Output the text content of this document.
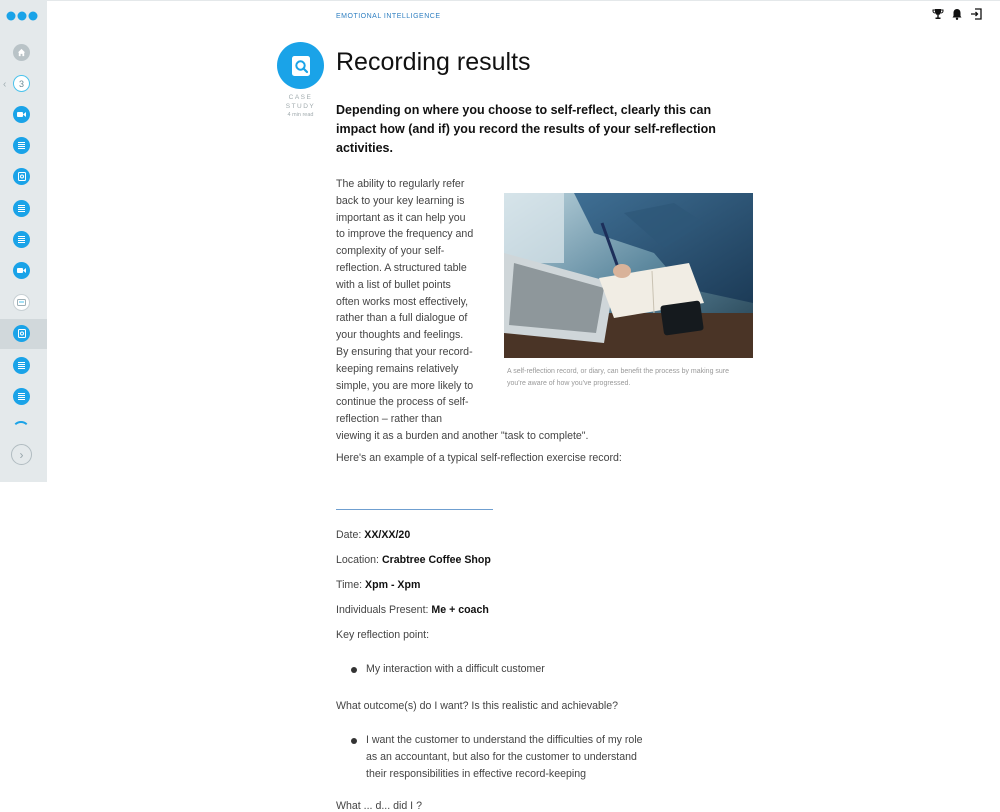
‹ 3
›
EMOTIONAL INTELLIGENCE
CASE STUDY
4 min read
Recording results

Depending on where you choose to self-reflect, clearly this can impact how (and if) you record the results of your self-reflection activities.

The ability to regularly refer back to your key learning is important as it can help you to improve the frequency and complexity of your self-reflection. A structured table with a list of bullet points often works most effectively, rather than a full dialogue of your thoughts and feelings. By ensuring that your record-keeping remains relatively simple, you are more likely to continue the process of self-reflection – rather than viewing it as a burden and another "task to complete".
A self-reflection record, or diary, can benefit the process by making sure you're aware of how you've progressed.
Here's an example of a typical self-reflection exercise record:
Date: XX/XX/20
Location: Crabtree Coffee Shop
Time: Xpm - Xpm
Individuals Present: Me + coach
Key reflection point:
My interaction with a difficult customer
What outcome(s) do I want? Is this realistic and achievable?
I want the customer to understand the difficulties of my role as an accountant, but also for the customer to understand their responsibilities in effective record-keeping
What ... d... did I ?
